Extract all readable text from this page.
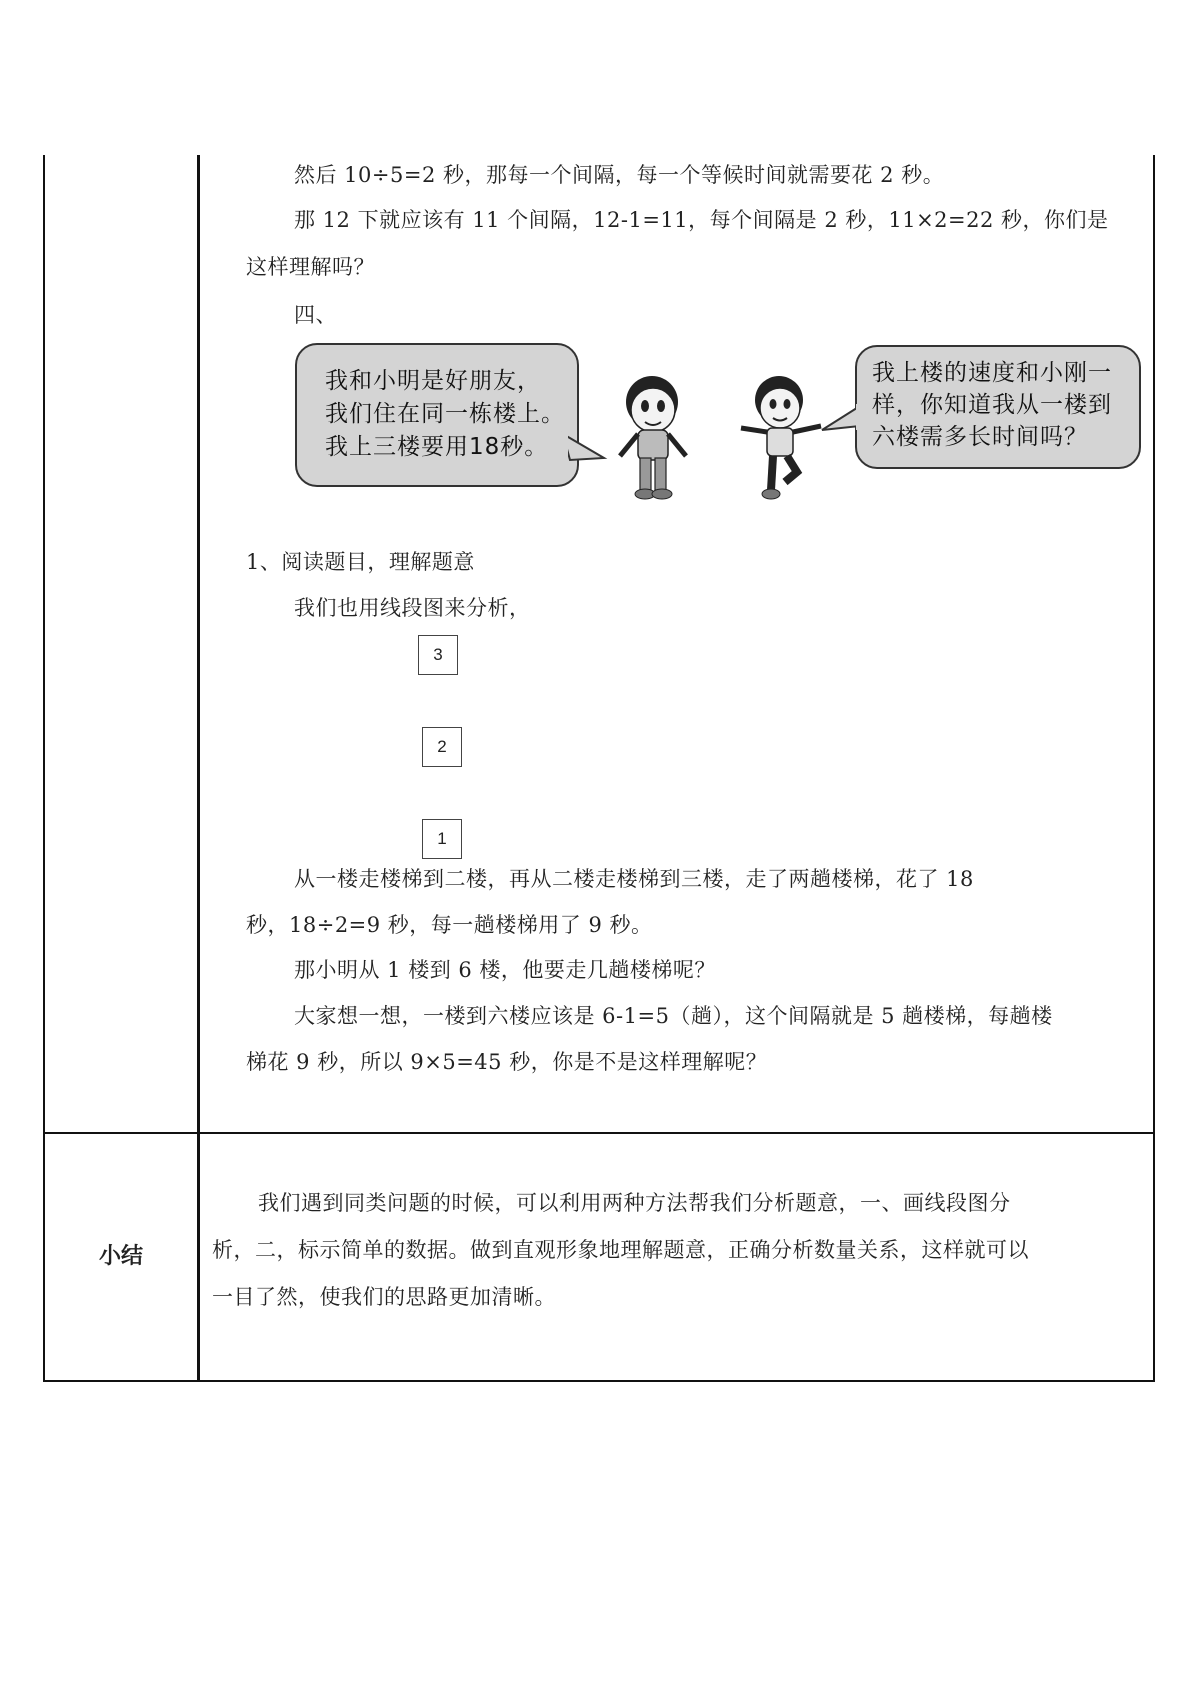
然后 10÷5=2 秒，那每一个间隔，每一个等候时间就需要花 2 秒。
那 12 下就应该有 11 个间隔，12-1=11，每个间隔是 2 秒，11×2=22 秒，你们是
这样理解吗？
四、
我和小明是好朋友，
我们住在同一栋楼上。
我上三楼要用18秒。
我上楼的速度和小刚一
样，你知道我从一楼到
六楼需多长时间吗？
1、阅读题目，理解题意
我们也用线段图来分析，
3
2
1
从一楼走楼梯到二楼，再从二楼走楼梯到三楼，走了两趟楼梯，花了 18
秒，18÷2=9 秒，每一趟楼梯用了 9 秒。
那小明从 1 楼到 6 楼，他要走几趟楼梯呢？
大家想一想，一楼到六楼应该是 6-1=5（趟），这个间隔就是 5 趟楼梯，每趟楼
梯花 9 秒，所以 9×5=45 秒，你是不是这样理解呢？
小结
我们遇到同类问题的时候，可以利用两种方法帮我们分析题意，一、画线段图分
析，二，标示简单的数据。做到直观形象地理解题意，正确分析数量关系，这样就可以
一目了然，使我们的思路更加清晰。
